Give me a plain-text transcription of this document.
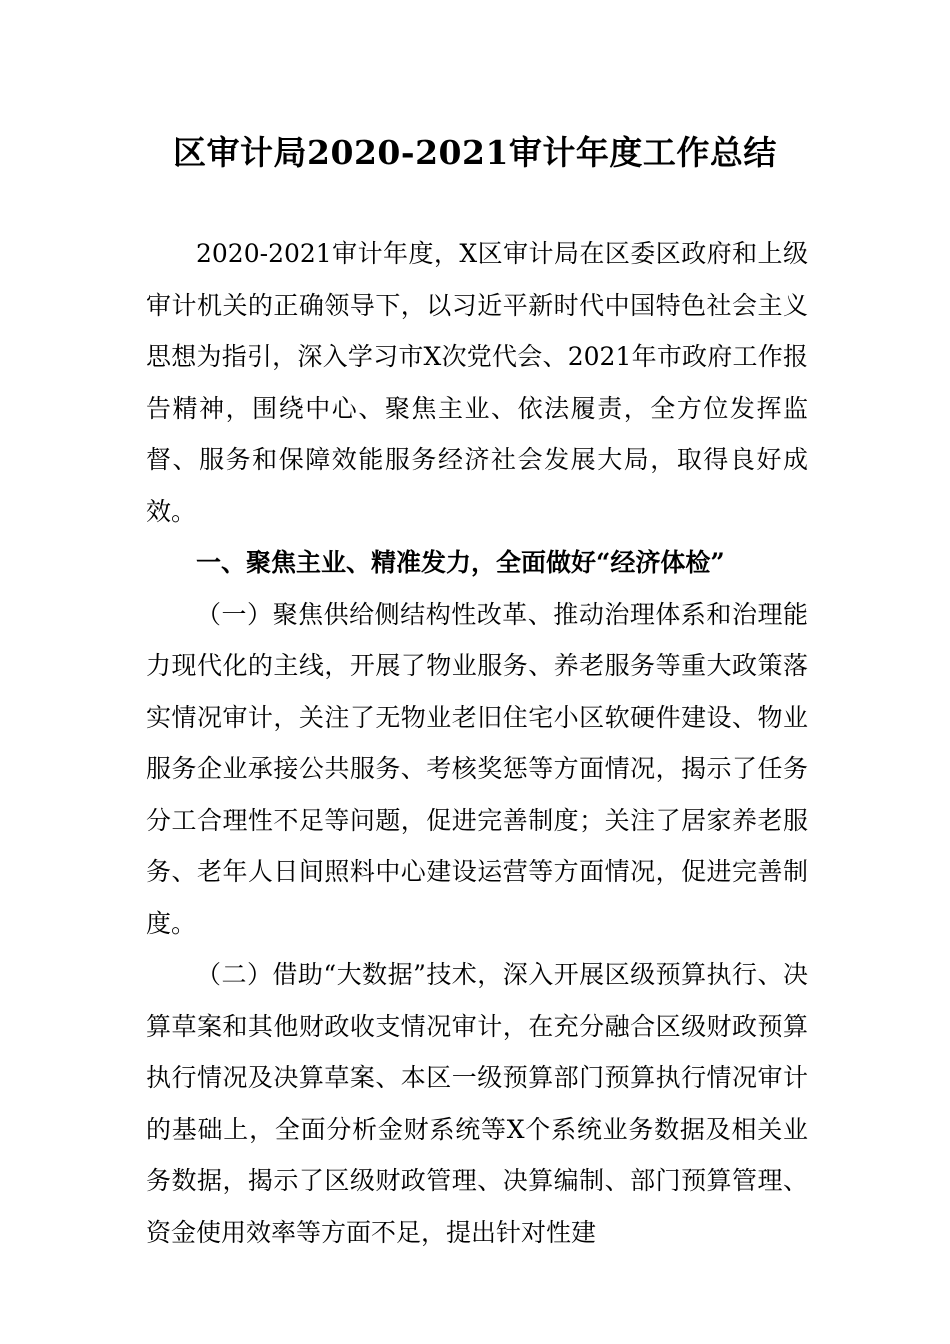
区审计局2020-2021审计年度工作总结

2020-2021审计年度，X区审计局在区委区政府和上级审计机关的正确领导下，以习近平新时代中国特色社会主义思想为指引，深入学习市X次党代会、2021年市政府工作报告精神，围绕中心、聚焦主业、依法履责，全方位发挥监督、服务和保障效能服务经济社会发展大局，取得良好成效。

一、聚焦主业、精准发力，全面做好“经济体检”

（一）聚焦供给侧结构性改革、推动治理体系和治理能力现代化的主线，开展了物业服务、养老服务等重大政策落实情况审计，关注了无物业老旧住宅小区软硬件建设、物业服务企业承接公共服务、考核奖惩等方面情况，揭示了任务分工合理性不足等问题，促进完善制度；关注了居家养老服务、老年人日间照料中心建设运营等方面情况，促进完善制度。

（二）借助“大数据”技术，深入开展区级预算执行、决算草案和其他财政收支情况审计，在充分融合区级财政预算执行情况及决算草案、本区一级预算部门预算执行情况审计的基础上，全面分析金财系统等X个系统业务数据及相关业务数据，揭示了区级财政管理、决算编制、部门预算管理、资金使用效率等方面不足，提出针对性建
